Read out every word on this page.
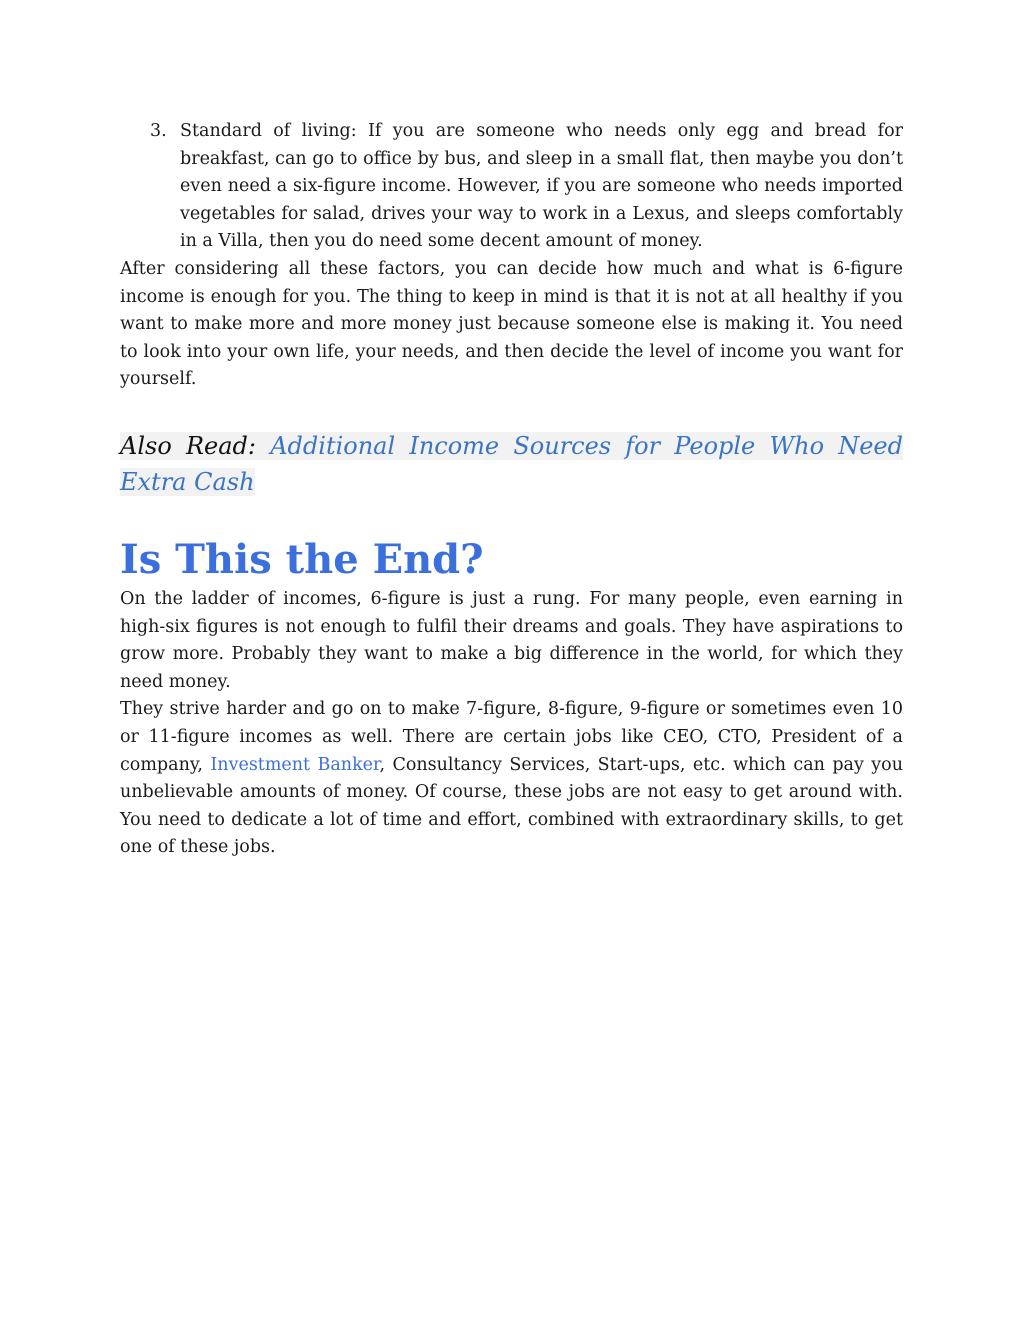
3. Standard of living: If you are someone who needs only egg and bread for breakfast, can go to office by bus, and sleep in a small flat, then maybe you don’t even need a six-figure income. However, if you are someone who needs imported vegetables for salad, drives your way to work in a Lexus, and sleeps comfortably in a Villa, then you do need some decent amount of money.

After considering all these factors, you can decide how much and what is 6-figure income is enough for you. The thing to keep in mind is that it is not at all healthy if you want to make more and more money just because someone else is making it. You need to look into your own life, your needs, and then decide the level of income you want for yourself.

Also Read: Additional Income Sources for People Who Need Extra Cash
Is This the End?

On the ladder of incomes, 6-figure is just a rung. For many people, even earning in high-six figures is not enough to fulfil their dreams and goals. They have aspirations to grow more. Probably they want to make a big difference in the world, for which they need money.

They strive harder and go on to make 7-figure, 8-figure, 9-figure or sometimes even 10 or 11-figure incomes as well. There are certain jobs like CEO, CTO, President of a company, Investment Banker, Consultancy Services, Start-ups, etc. which can pay you unbelievable amounts of money. Of course, these jobs are not easy to get around with. You need to dedicate a lot of time and effort, combined with extraordinary skills, to get one of these jobs.
